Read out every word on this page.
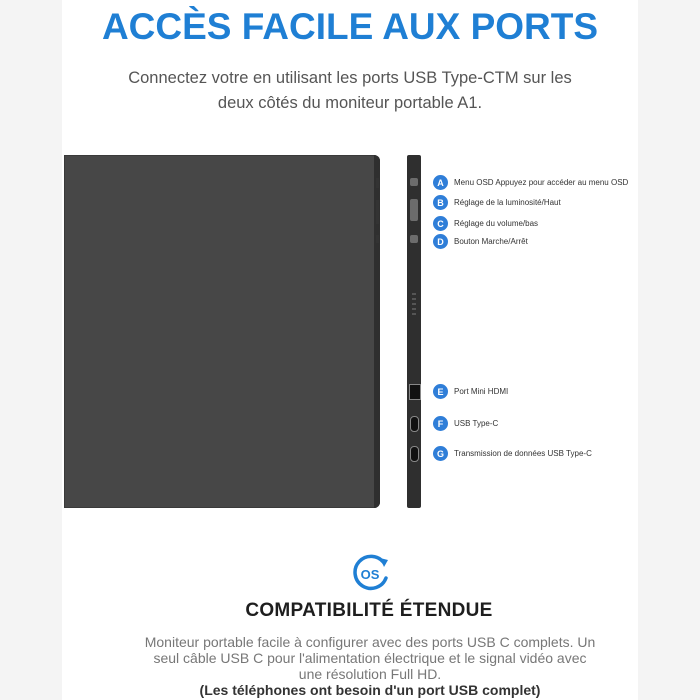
ACCÈS FACILE AUX PORTS
Connectez votre en utilisant les ports USB Type-CTM sur les deux côtés du moniteur portable A1.
A	Menu OSD Appuyez pour accéder au menu OSD
B	Réglage de la luminosité/Haut
C	Réglage du volume/bas
D	Bouton Marche/Arrêt
E	Port Mini HDMI
F	USB Type-C
G	Transmission de données USB Type-C
OS
COMPATIBILITÉ ÉTENDUE
Moniteur portable facile à configurer avec des ports USB C complets. Un seul câble USB C pour l'alimentation électrique et le signal vidéo avec une résolution Full HD.
(Les téléphones ont besoin d'un port USB complet)
